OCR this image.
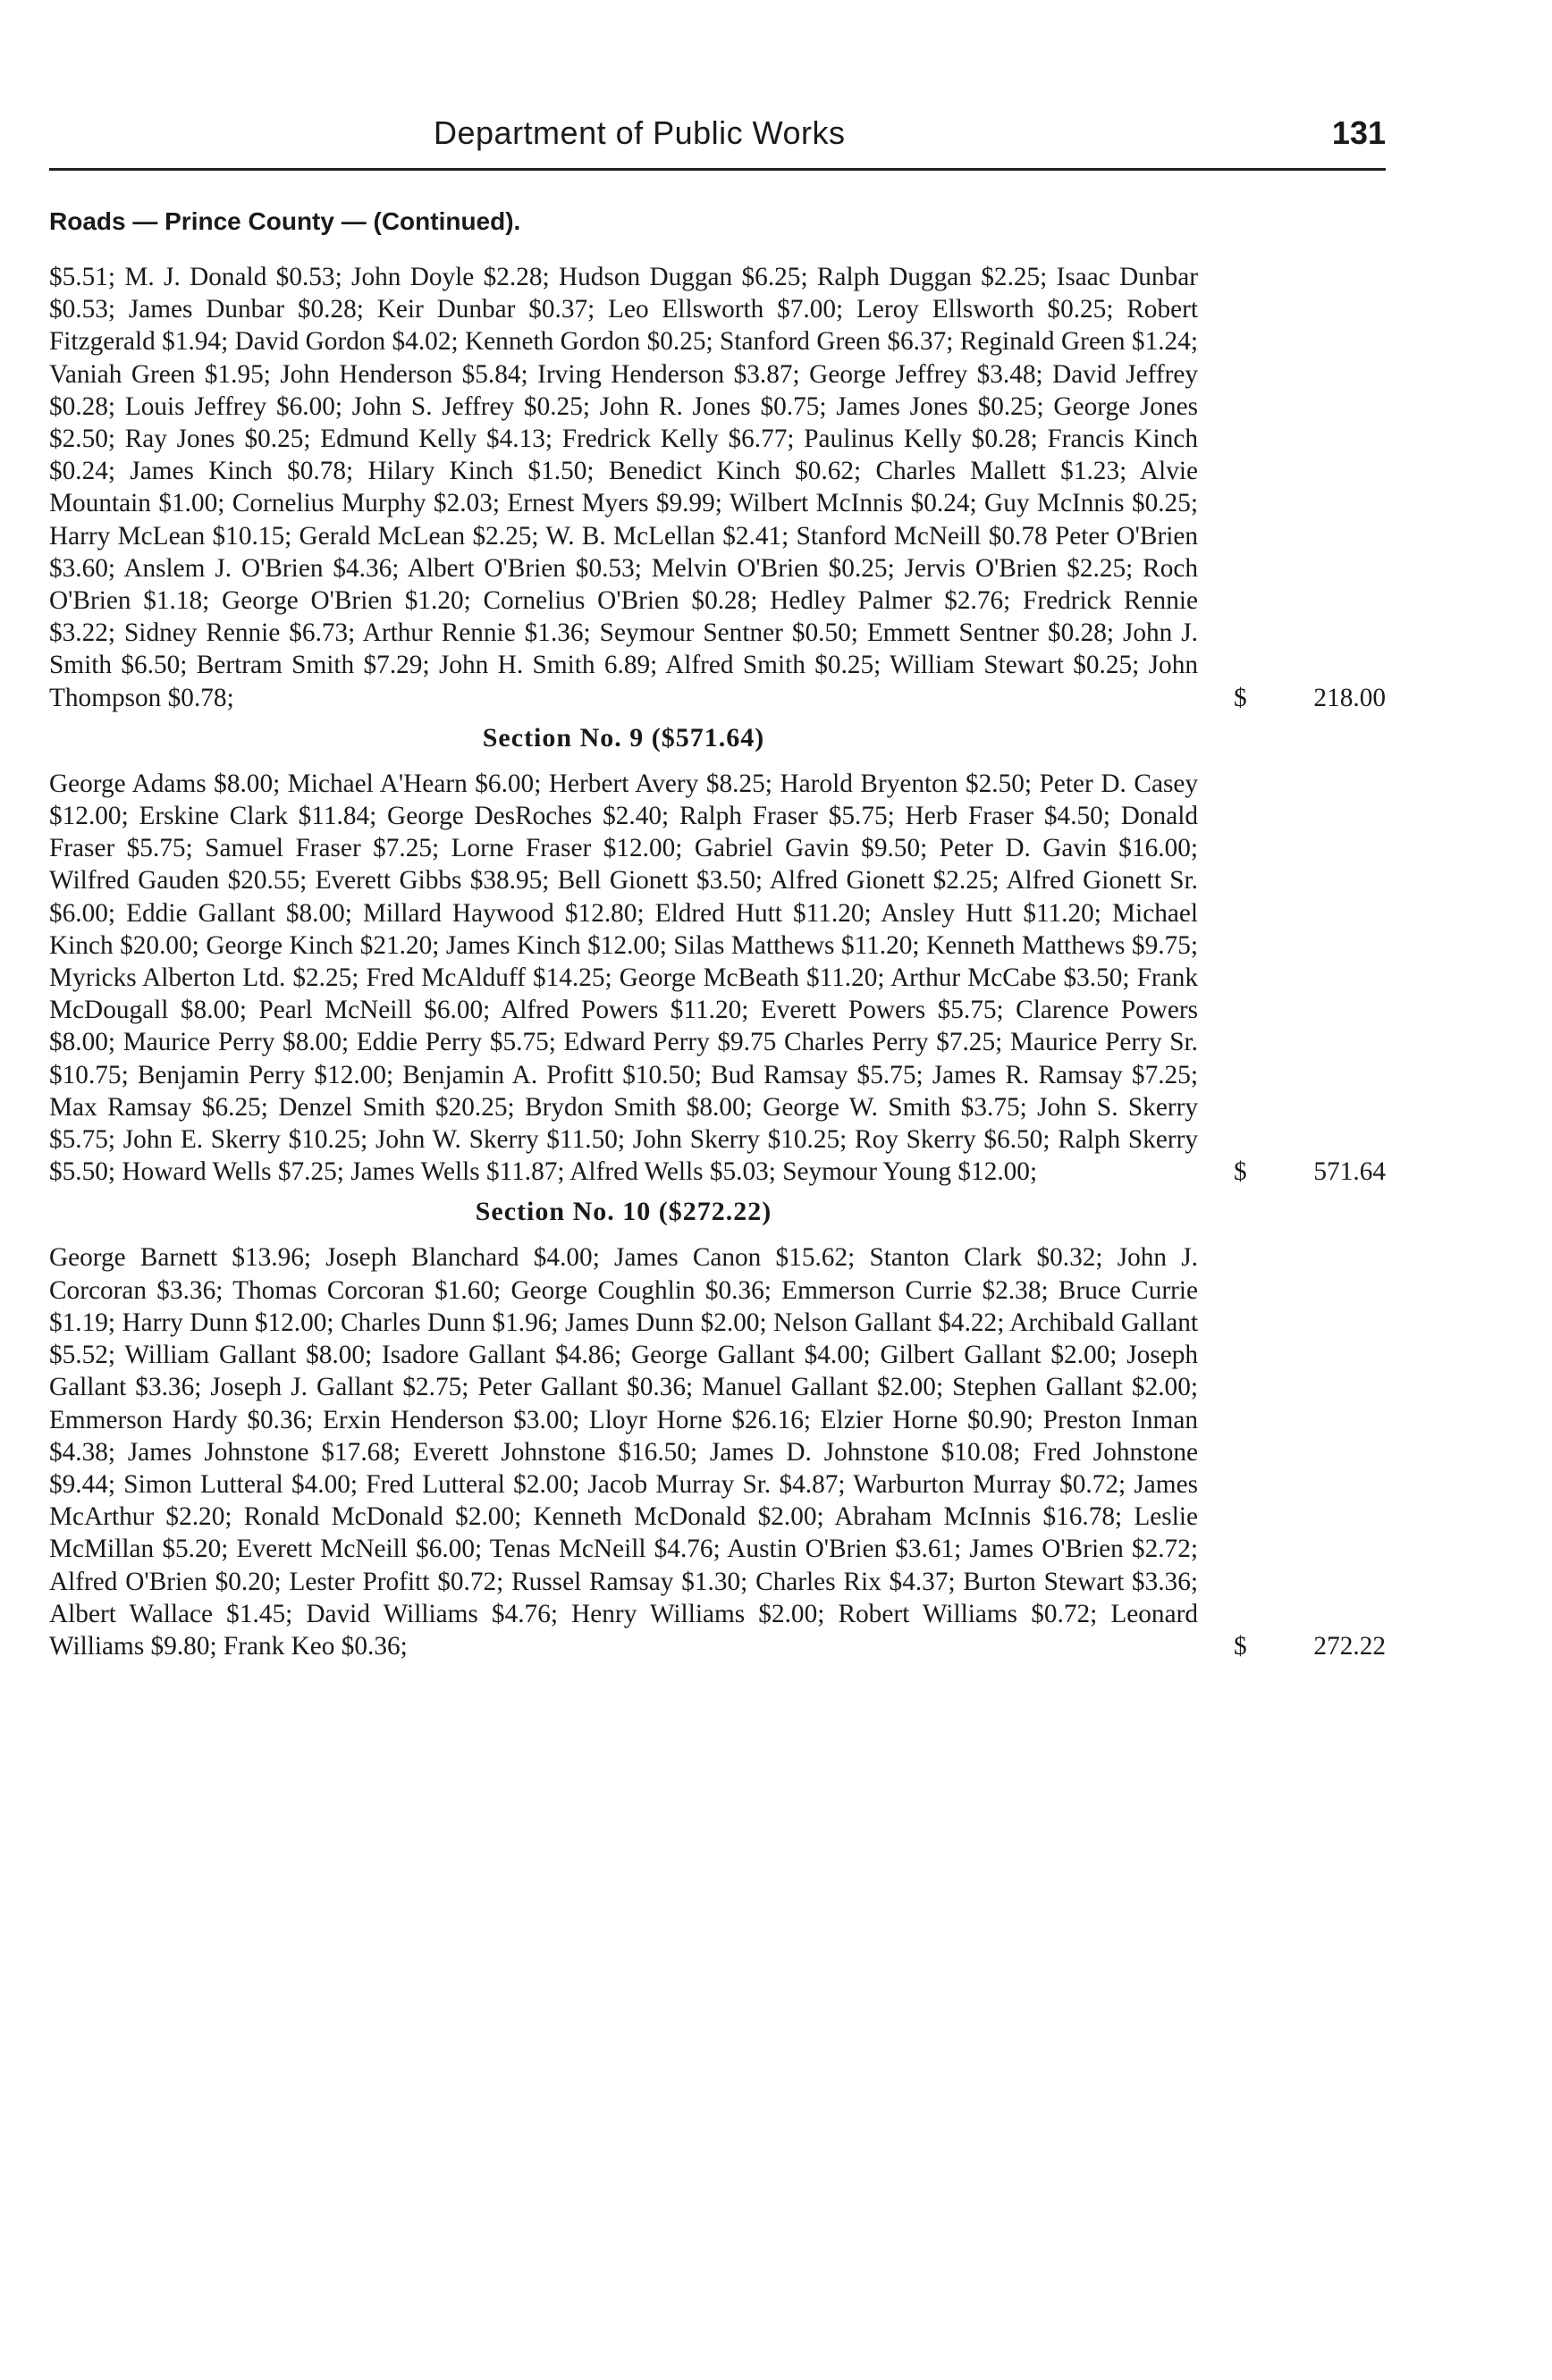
Department of Public Works	131
Roads — Prince County — (Continued).

$5.51; M. J. Donald $0.53; John Doyle $2.28; Hudson Duggan $6.25; Ralph Duggan $2.25; Isaac Dunbar $0.53; James Dunbar $0.28; Keir Dunbar $0.37; Leo Ellsworth $7.00; Leroy Ellsworth $0.25; Robert Fitzgerald $1.94; David Gordon $4.02; Kenneth Gordon $0.25; Stanford Green $6.37; Reginald Green $1.24; Vaniah Green $1.95; John Henderson $5.84; Irving Henderson $3.87; George Jeffrey $3.48; David Jeffrey $0.28; Louis Jeffrey $6.00; John S. Jeffrey $0.25; John R. Jones $0.75; James Jones $0.25; George Jones $2.50; Ray Jones $0.25; Edmund Kelly $4.13; Fredrick Kelly $6.77; Paulinus Kelly $0.28; Francis Kinch $0.24; James Kinch $0.78; Hilary Kinch $1.50; Benedict Kinch $0.62; Charles Mallett $1.23; Alvie Mountain $1.00; Cornelius Murphy $2.03; Ernest Myers $9.99; Wilbert McInnis $0.24; Guy McInnis $0.25; Harry McLean $10.15; Gerald McLean $2.25; W. B. McLellan $2.41; Stanford McNeill $0.78 Peter O'Brien $3.60; Anslem J. O'Brien $4.36; Albert O'Brien $0.53; Melvin O'Brien $0.25; Jervis O'Brien $2.25; Roch O'Brien $1.18; George O'Brien $1.20; Cornelius O'Brien $0.28; Hedley Palmer $2.76; Fredrick Rennie $3.22; Sidney Rennie $6.73; Arthur Rennie $1.36; Seymour Sentner $0.50; Emmett Sentner $0.28; John J. Smith $6.50; Bertram Smith $7.29; John H. Smith 6.89; Alfred Smith $0.25; William Stewart $0.25; John Thompson $0.78;	$	218.00
Section No. 9 ($571.64)

George Adams $8.00; Michael A'Hearn $6.00; Herbert Avery $8.25; Harold Bryenton $2.50; Peter D. Casey $12.00; Erskine Clark $11.84; George DesRoches $2.40; Ralph Fraser $5.75; Herb Fraser $4.50; Donald Fraser $5.75; Samuel Fraser $7.25; Lorne Fraser $12.00; Gabriel Gavin $9.50; Peter D. Gavin $16.00; Wilfred Gauden $20.55; Everett Gibbs $38.95; Bell Gionett $3.50; Alfred Gionett $2.25; Alfred Gionett Sr. $6.00; Eddie Gallant $8.00; Millard Haywood $12.80; Eldred Hutt $11.20; Ansley Hutt $11.20; Michael Kinch $20.00; George Kinch $21.20; James Kinch $12.00; Silas Matthews $11.20; Kenneth Matthews $9.75; Myricks Alberton Ltd. $2.25; Fred McAlduff $14.25; George McBeath $11.20; Arthur McCabe $3.50; Frank McDougall $8.00; Pearl McNeill $6.00; Alfred Powers $11.20; Everett Powers $5.75; Clarence Powers $8.00; Maurice Perry $8.00; Eddie Perry $5.75; Edward Perry $9.75 Charles Perry $7.25; Maurice Perry Sr. $10.75; Benjamin Perry $12.00; Benjamin A. Profitt $10.50; Bud Ramsay $5.75; James R. Ramsay $7.25; Max Ramsay $6.25; Denzel Smith $20.25; Brydon Smith $8.00; George W. Smith $3.75; John S. Skerry $5.75; John E. Skerry $10.25; John W. Skerry $11.50; John Skerry $10.25; Roy Skerry $6.50; Ralph Skerry $5.50; Howard Wells $7.25; James Wells $11.87; Alfred Wells $5.03; Seymour Young $12.00;	$	571.64
Section No. 10 ($272.22)

George Barnett $13.96; Joseph Blanchard $4.00; James Canon $15.62; Stanton Clark $0.32; John J. Corcoran $3.36; Thomas Corcoran $1.60; George Coughlin $0.36; Emmerson Currie $2.38; Bruce Currie $1.19; Harry Dunn $12.00; Charles Dunn $1.96; James Dunn $2.00; Nelson Gallant $4.22; Archibald Gallant $5.52; William Gallant $8.00; Isadore Gallant $4.86; George Gallant $4.00; Gilbert Gallant $2.00; Joseph Gallant $3.36; Joseph J. Gallant $2.75; Peter Gallant $0.36; Manuel Gallant $2.00; Stephen Gallant $2.00; Emmerson Hardy $0.36; Erxin Henderson $3.00; Lloyr Horne $26.16; Elzier Horne $0.90; Preston Inman $4.38; James Johnstone $17.68; Everett Johnstone $16.50; James D. Johnstone $10.08; Fred Johnstone $9.44; Simon Lutteral $4.00; Fred Lutteral $2.00; Jacob Murray Sr. $4.87; Warburton Murray $0.72; James McArthur $2.20; Ronald McDonald $2.00; Kenneth McDonald $2.00; Abraham McInnis $16.78; Leslie McMillan $5.20; Everett McNeill $6.00; Tenas McNeill $4.76; Austin O'Brien $3.61; James O'Brien $2.72; Alfred O'Brien $0.20; Lester Profitt $0.72; Russel Ramsay $1.30; Charles Rix $4.37; Burton Stewart $3.36; Albert Wallace $1.45; David Williams $4.76; Henry Williams $2.00; Robert Williams $0.72; Leonard Williams $9.80; Frank Keo $0.36;	$	272.22
